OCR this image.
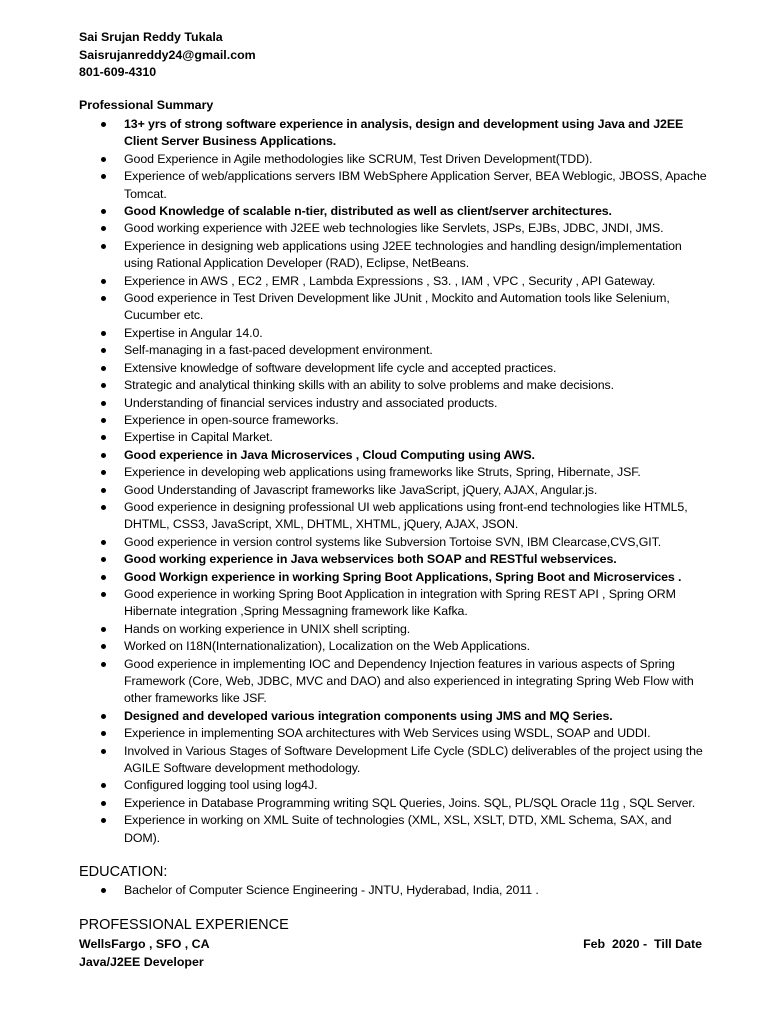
Sai Srujan Reddy Tukala
Saisrujanreddy24@gmail.com
801-609-4310
Professional Summary
13+ yrs of strong software experience in analysis, design and development using Java and J2EE Client Server Business Applications.
Good Experience in Agile methodologies like SCRUM, Test Driven Development(TDD).
Experience of web/applications servers IBM WebSphere Application Server, BEA Weblogic, JBOSS, Apache Tomcat.
Good Knowledge of scalable n-tier, distributed as well as client/server architectures.
Good working experience with J2EE web technologies like Servlets, JSPs, EJBs, JDBC, JNDI, JMS.
Experience in designing web applications using J2EE technologies and handling design/implementation using Rational Application Developer (RAD), Eclipse, NetBeans.
Experience in AWS , EC2 , EMR , Lambda Expressions , S3. , IAM , VPC , Security , API Gateway.
Good experience in Test Driven Development like JUnit , Mockito and Automation tools like Selenium, Cucumber etc.
Expertise in Angular 14.0.
Self-managing in a fast-paced development environment.
Extensive knowledge of software development life cycle and accepted practices.
Strategic and analytical thinking skills with an ability to solve problems and make decisions.
Understanding of financial services industry and associated products.
Experience in open-source frameworks.
Expertise in Capital Market.
Good experience in Java Microservices , Cloud Computing using AWS.
Experience in developing web applications using frameworks like Struts, Spring, Hibernate, JSF.
Good Understanding of Javascript frameworks like JavaScript, jQuery, AJAX, Angular.js.
Good experience in designing professional UI web applications using front-end technologies like HTML5, DHTML, CSS3, JavaScript, XML, DHTML, XHTML, jQuery, AJAX, JSON.
Good experience in version control systems like Subversion Tortoise SVN, IBM Clearcase,CVS,GIT.
Good working experience in Java webservices both SOAP and RESTful webservices.
Good Workign experience in working Spring Boot Applications, Spring Boot and Microservices .
Good experience in working Spring Boot Application in integration with Spring REST API , Spring ORM Hibernate integration ,Spring Messagning framework like Kafka.
Hands on working experience in UNIX shell scripting.
Worked on I18N(Internationalization), Localization on the Web Applications.
Good experience in implementing IOC and Dependency Injection features in various aspects of Spring Framework (Core, Web, JDBC, MVC and DAO) and also experienced in integrating Spring Web Flow with other frameworks like JSF.
Designed and developed various integration components using JMS and MQ Series.
Experience in implementing SOA architectures with Web Services using WSDL, SOAP and UDDI.
Involved in Various Stages of Software Development Life Cycle (SDLC) deliverables of the project using the AGILE Software development methodology.
Configured logging tool using log4J.
Experience in Database Programming writing SQL Queries, Joins. SQL, PL/SQL Oracle 11g , SQL Server.
Experience in working on XML Suite of technologies (XML, XSL, XSLT, DTD, XML Schema, SAX, and DOM).
EDUCATION:
Bachelor of Computer Science Engineering - JNTU, Hyderabad, India, 2011 .
PROFESSIONAL EXPERIENCE
WellsFargo , SFO , CA	Feb  2020 -  Till Date
Java/J2EE Developer
